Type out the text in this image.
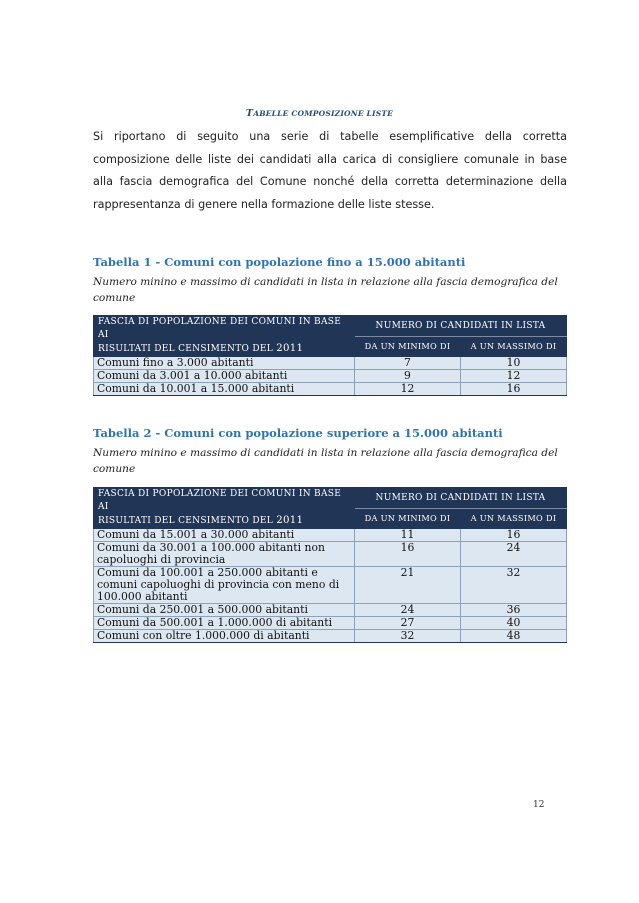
TABELLE COMPOSIZIONE LISTE
Si riportano di seguito una serie di tabelle esemplificative della corretta composizione delle liste dei candidati alla carica di consigliere comunale in base alla fascia demografica del Comune nonché della corretta determinazione della rappresentanza di genere nella formazione delle liste stesse.
Tabella 1 - Comuni con popolazione fino a 15.000 abitanti
Numero minino e massimo di candidati in lista in relazione alla fascia demografica del comune
FASCIA DI POPOLAZIONE DEI COMUNI IN BASE AI
RISULTATI DEL CENSIMENTO DEL 2011	NUMERO DI CANDIDATI IN LISTA	
	DA UN MINIMO DI	A UN MASSIMO DI
Comuni fino a 3.000 abitanti	7	10
Comuni da 3.001 a 10.000 abitanti	9	12
Comuni da 10.001 a 15.000 abitanti	12	16
Tabella 2 - Comuni con popolazione superiore a 15.000 abitanti
Numero minino e massimo di candidati in lista in relazione alla fascia demografica del comune
FASCIA DI POPOLAZIONE DEI COMUNI IN BASE AI
RISULTATI DEL CENSIMENTO DEL 2011	NUMERO DI CANDIDATI IN LISTA	
	DA UN MINIMO DI	A UN MASSIMO DI
Comuni da 15.001 a 30.000 abitanti	11	16
Comuni da 30.001 a 100.000 abitanti non capoluoghi di provincia	16	24
Comuni da 100.001 a 250.000 abitanti e comuni capoluoghi di provincia con meno di 100.000 abitanti	21	32
Comuni da 250.001 a 500.000 abitanti	24	36
Comuni da 500.001 a 1.000.000 di abitanti	27	40
Comuni con oltre 1.000.000 di abitanti	32	48
12
